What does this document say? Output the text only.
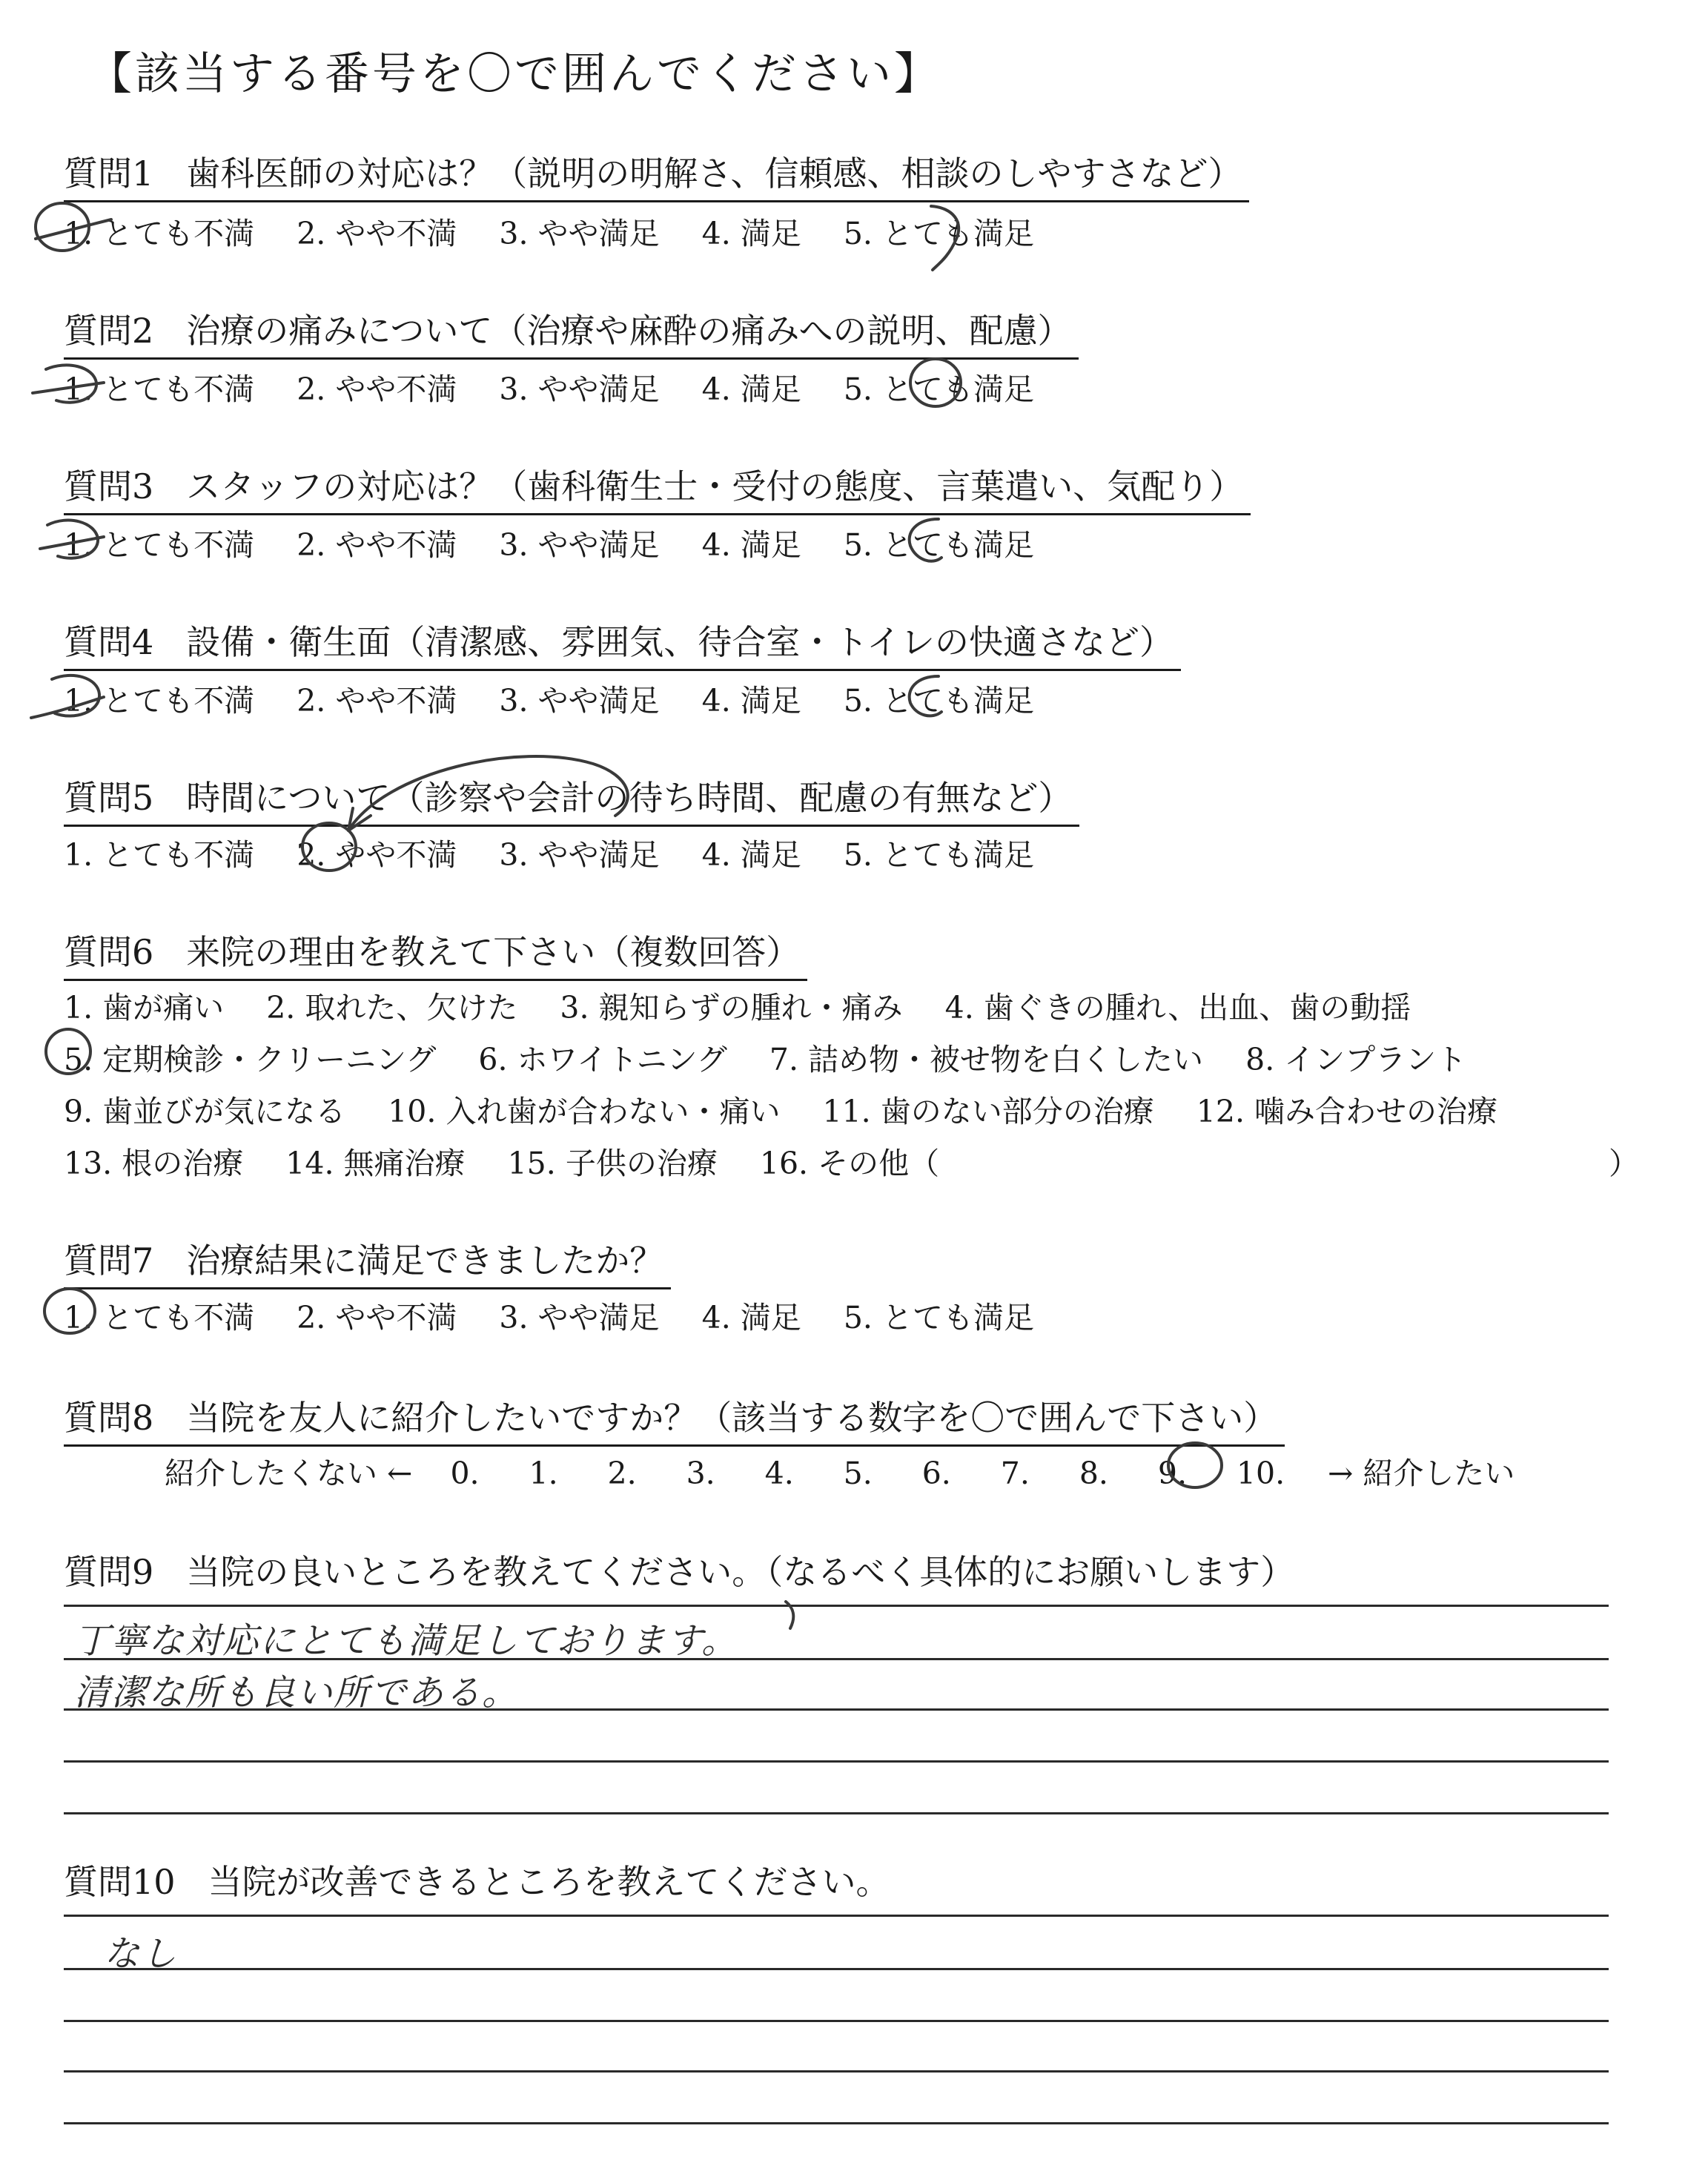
【該当する番号を〇で囲んでください】
質問1 歯科医師の対応は？（説明の明解さ、信頼感、相談のしやすさなど）
1. とても不満 2. やや不満 3. やや満足 4. 満足 5. とても満足
質問2 治療の痛みについて（治療や麻酔の痛みへの説明、配慮）
1. とても不満 2. やや不満 3. やや満足 4. 満足 5. とても満足
質問3 スタッフの対応は？（歯科衛生士・受付の態度、言葉遣い、気配り）
1. とても不満 2. やや不満 3. やや満足 4. 満足 5. とても満足
質問4 設備・衛生面（清潔感、雰囲気、待合室・トイレの快適さなど）
1. とても不満 2. やや不満 3. やや満足 4. 満足 5. とても満足
質問5 時間について（診察や会計の待ち時間、配慮の有無など）
1. とても不満 2. やや不満 3. やや満足 4. 満足 5. とても満足
質問6 来院の理由を教えて下さい（複数回答）
1. 歯が痛い 2. 取れた、欠けた 3. 親知らずの腫れ・痛み 4. 歯ぐきの腫れ、出血、歯の動揺
5. 定期検診・クリーニング 6. ホワイトニング 7. 詰め物・被せ物を白くしたい 8. インプラント
9. 歯並びが気になる 10. 入れ歯が合わない・痛い 11. 歯のない部分の治療 12. 噛み合わせの治療
13. 根の治療 14. 無痛治療 15. 子供の治療 16. その他（	）
質問7 治療結果に満足できましたか？
1. とても不満 2. やや不満 3. やや満足 4. 満足 5. とても満足
質問8 当院を友人に紹介したいですか？（該当する数字を〇で囲んで下さい）
紹介したくない ← 0. 1. 2. 3. 4. 5. 6. 7. 8. 9. 10. → 紹介したい
質問9 当院の良いところを教えてください。（なるべく具体的にお願いします）
丁寧な対応にとても満足しております。
清潔な所も良い所である。
質問10 当院が改善できるところを教えてください。
なし
